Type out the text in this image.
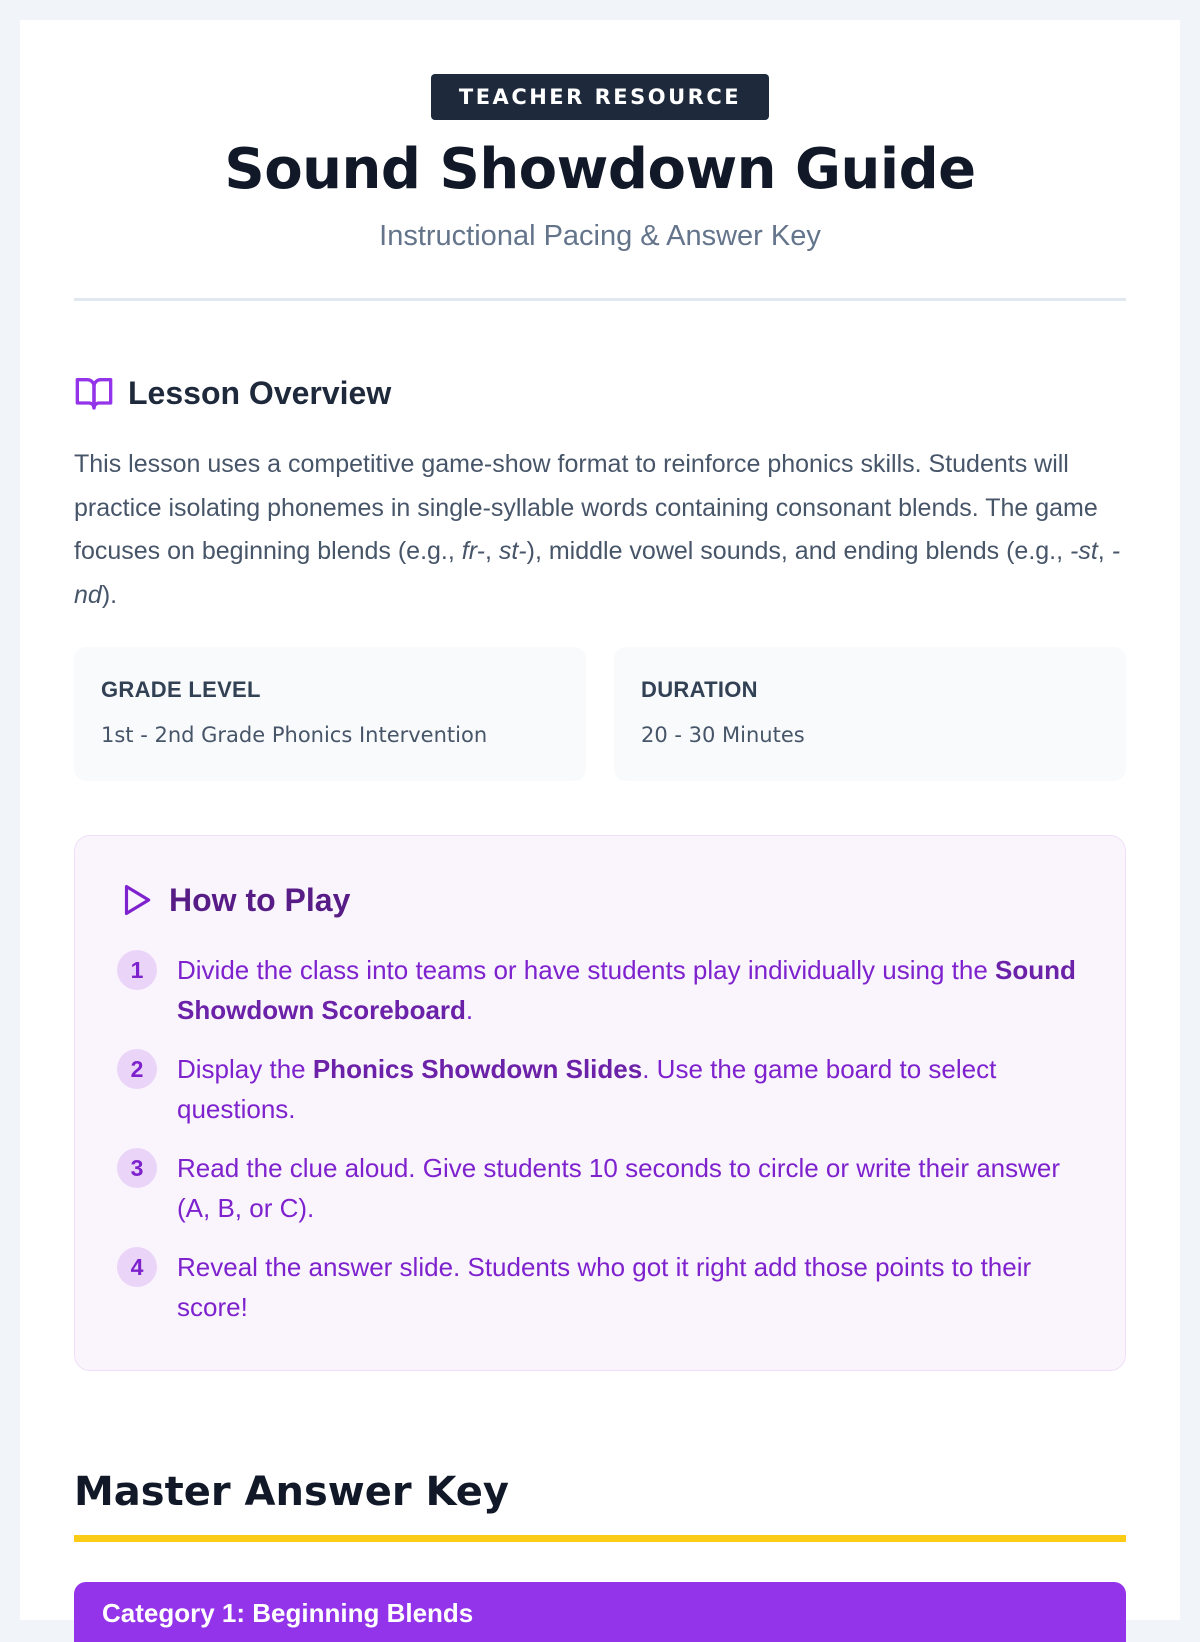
TEACHER RESOURCE
Sound Showdown Guide
Instructional Pacing & Answer Key
Lesson Overview

This lesson uses a competitive game-show format to reinforce phonics skills. Students will practice isolating phonemes in single-syllable words containing consonant blends. The game focuses on beginning blends (e.g., fr-, st-), middle vowel sounds, and ending blends (e.g., -st, -nd).

GRADE LEVEL
1st - 2nd Grade Phonics Intervention
DURATION
20 - 30 Minutes
How to Play
1	Divide the class into teams or have students play individually using the Sound Showdown Scoreboard.
2	Display the Phonics Showdown Slides. Use the game board to select questions.
3	Read the clue aloud. Give students 10 seconds to circle or write their answer (A, B, or C).
4	Reveal the answer slide. Students who got it right add those points to their score!
Master Answer Key
Category 1: Beginning Blends
